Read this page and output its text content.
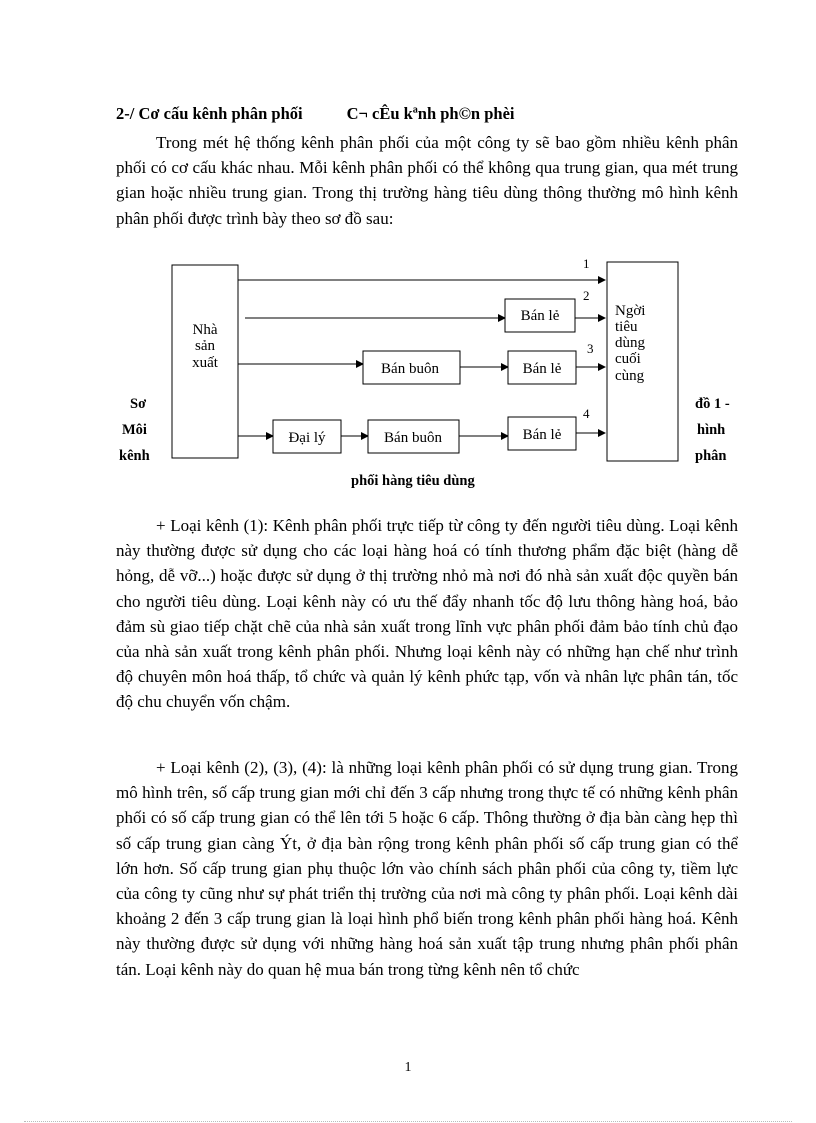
2-/ Cơ cấu kênh phân phối	C¬ cÊu kªnh ph©n phèi

Trong mét hệ thống kênh phân phối của một công ty sẽ bao gồm nhiều kênh phân phối có cơ cấu khác nhau. Mỗi kênh phân phối có thể không qua trung gian, qua mét trung gian hoặc nhiều trung gian. Trong thị trường hàng tiêu dùng thông thường mô hình kênh phân phối được trình bày theo sơ đồ sau:

Nhà
sản
xuất
Ngời
tiêu
dùng
cuối
cùng
1
Bán lẻ
2
Bán buôn	Bán lẻ
3
Đại lý	Bán buôn	Bán lẻ
4
Sơ
Môi
kênh
đồ 1 -
hình
phân
phối hàng tiêu dùng

+ Loại kênh (1): Kênh phân phối trực tiếp từ công ty đến người tiêu dùng. Loại kênh này thường được sử dụng cho các loại hàng hoá có tính thương phẩm đặc biệt (hàng dễ hỏng, dễ vỡ...) hoặc được sử dụng ở thị trường nhỏ mà nơi đó nhà sản xuất độc quyền bán cho người tiêu dùng. Loại kênh này có ưu thế đẩy nhanh tốc độ lưu thông hàng hoá, bảo đảm sù giao tiếp chặt chẽ của nhà sản xuất trong lĩnh vực phân phối đảm bảo tính chủ đạo của nhà sản xuất trong kênh phân phối. Nhưng loại kênh này có những hạn chế như trình độ chuyên môn hoá thấp, tổ chức và quản lý kênh phức tạp, vốn và nhân lực phân tán, tốc độ chu chuyển vốn chậm.

+ Loại kênh (2), (3), (4): là những loại kênh phân phối có sử dụng trung gian. Trong mô hình trên, số cấp trung gian mới chỉ đến 3 cấp nhưng trong thực tế có những kênh phân phối có số cấp trung gian có thể lên tới 5 hoặc 6 cấp. Thông thường ở địa bàn càng hẹp thì số cấp trung gian càng Ýt, ở địa bàn rộng trong kênh phân phối số cấp trung gian có thể lớn hơn. Số cấp trung gian phụ thuộc lớn vào chính sách phân phối của công ty, tiềm lực của công ty cũng như sự phát triển thị trường của nơi mà công ty phân phối. Loại kênh dài khoảng 2 đến 3 cấp trung gian là loại hình phổ biến trong kênh phân phối hàng hoá. Kênh này thường được sử dụng với những hàng hoá sản xuất tập trung nhưng phân phối phân tán. Loại kênh này do quan hệ mua bán trong từng kênh nên tổ chức

1
